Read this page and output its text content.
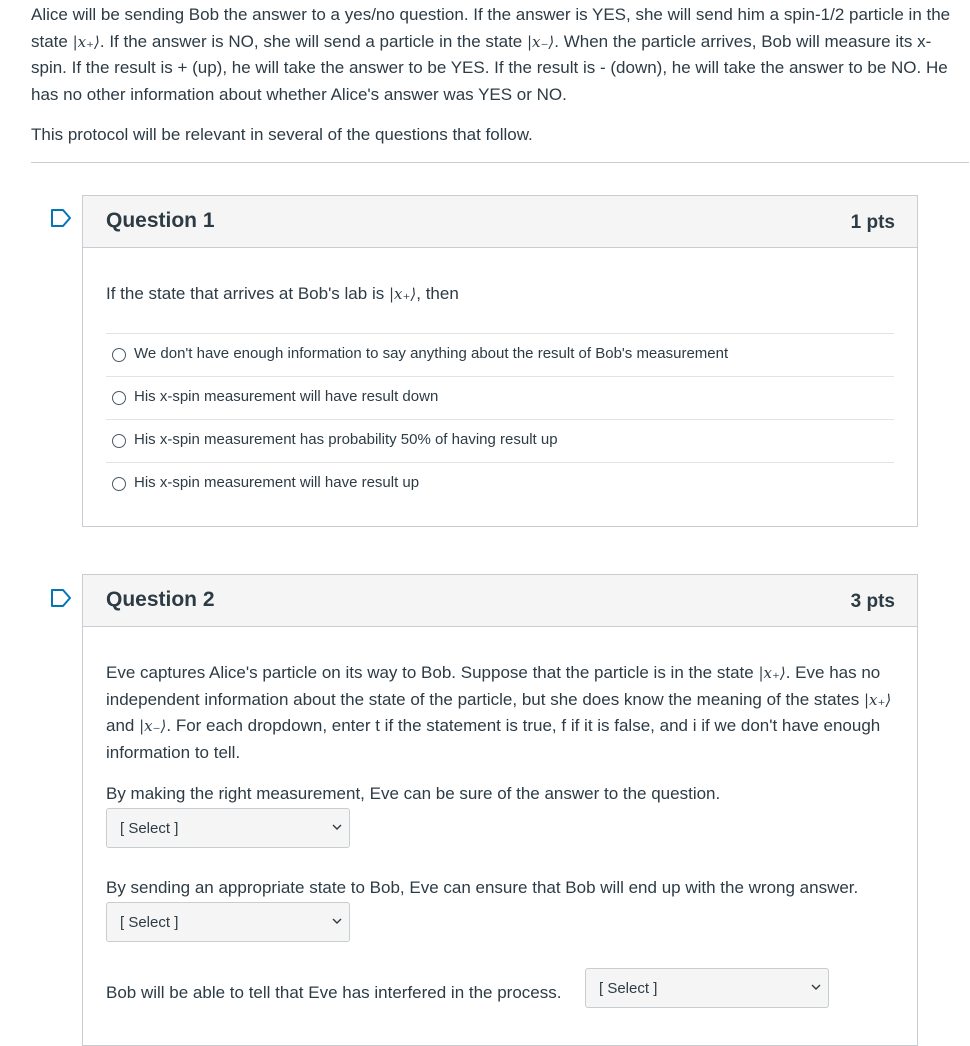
Alice will be sending Bob the answer to a yes/no question. If the answer is YES, she will send him a spin-1/2 particle in the state |x₊⟩. If the answer is NO, she will send a particle in the state |x₋⟩. When the particle arrives, Bob will measure its x-spin. If the result is + (up), he will take the answer to be YES. If the result is - (down), he will take the answer to be NO. He has no other information about whether Alice's answer was YES or NO.

This protocol will be relevant in several of the questions that follow.

Question 1	1 pts
If the state that arrives at Bob's lab is |x₊⟩, then
We don't have enough information to say anything about the result of Bob's measurement
His x-spin measurement will have result down
His x-spin measurement has probability 50% of having result up
His x-spin measurement will have result up
Question 2	3 pts
Eve captures Alice's particle on its way to Bob. Suppose that the particle is in the state |x₊⟩. Eve has no independent information about the state of the particle, but she does know the meaning of the states |x₊⟩ and |x₋⟩. For each dropdown, enter t if the statement is true, f if it is false, and i if we don't have enough information to tell.
By making the right measurement, Eve can be sure of the answer to the question.
[ Select ]
By sending an appropriate state to Bob, Eve can ensure that Bob will end up with the wrong answer.
[ Select ]
Bob will be able to tell that Eve has interfered in the process.	[ Select ]
